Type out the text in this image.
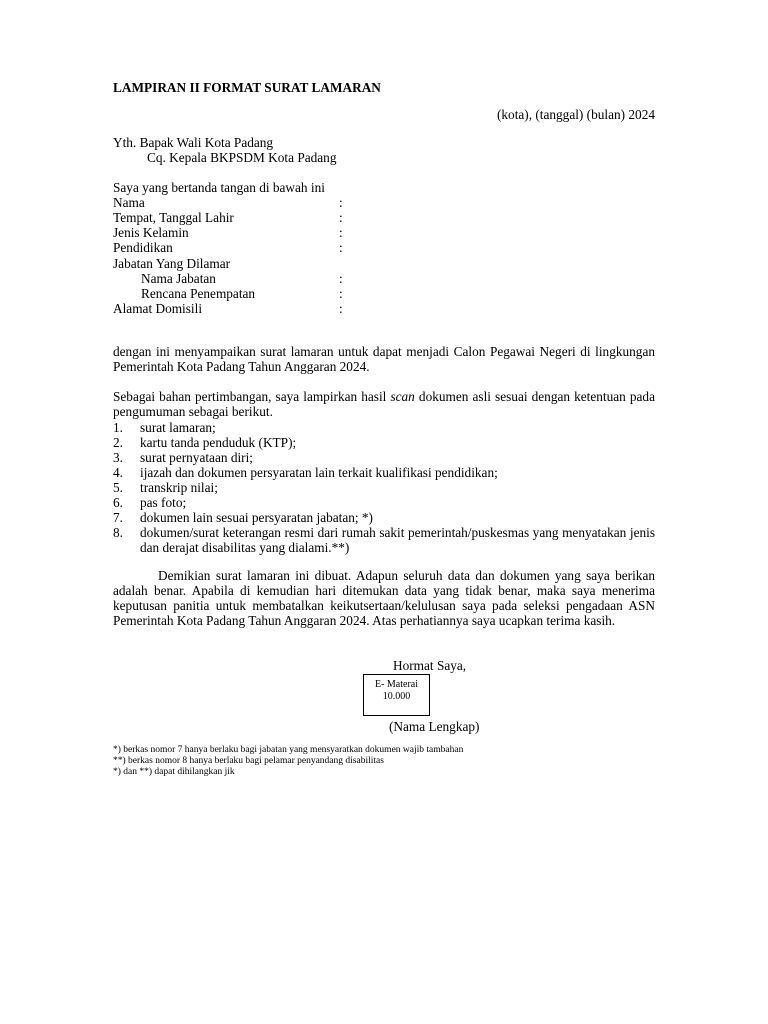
LAMPIRAN II FORMAT SURAT LAMARAN
(kota), (tanggal) (bulan) 2024
Yth. Bapak Wali Kota Padang
Cq. Kepala BKPSDM Kota Padang
Saya yang bertanda tangan di bawah ini
Nama	:
Tempat, Tanggal Lahir	:
Jenis Kelamin	:
Pendidikan	:
Jabatan Yang Dilamar
Nama Jabatan	:
Rencana Penempatan	:
Alamat Domisili	:
dengan ini menyampaikan surat lamaran untuk dapat menjadi Calon Pegawai Negeri di lingkungan Pemerintah Kota Padang Tahun Anggaran 2024.
Sebagai bahan pertimbangan, saya lampirkan hasil scan dokumen asli sesuai dengan ketentuan pada pengumuman sebagai berikut.
1. surat lamaran;
2. kartu tanda penduduk (KTP);
3. surat pernyataan diri;
4. ijazah dan dokumen persyaratan lain terkait kualifikasi pendidikan;
5. transkrip nilai;
6. pas foto;
7. dokumen lain sesuai persyaratan jabatan; *)
8. dokumen/surat keterangan resmi dari rumah sakit pemerintah/puskesmas yang menyatakan jenis dan derajat disabilitas yang dialami.**)
Demikian surat lamaran ini dibuat. Adapun seluruh data dan dokumen yang saya berikan adalah benar. Apabila di kemudian hari ditemukan data yang tidak benar, maka saya menerima keputusan panitia untuk membatalkan keikutsertaan/kelulusan saya pada seleksi pengadaan ASN Pemerintah Kota Padang Tahun Anggaran 2024. Atas perhatiannya saya ucapkan terima kasih.
Hormat Saya,
E- Materai
10.000
(Nama Lengkap)
*) berkas nomor 7 hanya berlaku bagi jabatan yang mensyaratkan dokumen wajib tambahan
**) berkas nomor 8 hanya berlaku bagi pelamar penyandang disabilitas
*) dan **) dapat dihilangkan jik
